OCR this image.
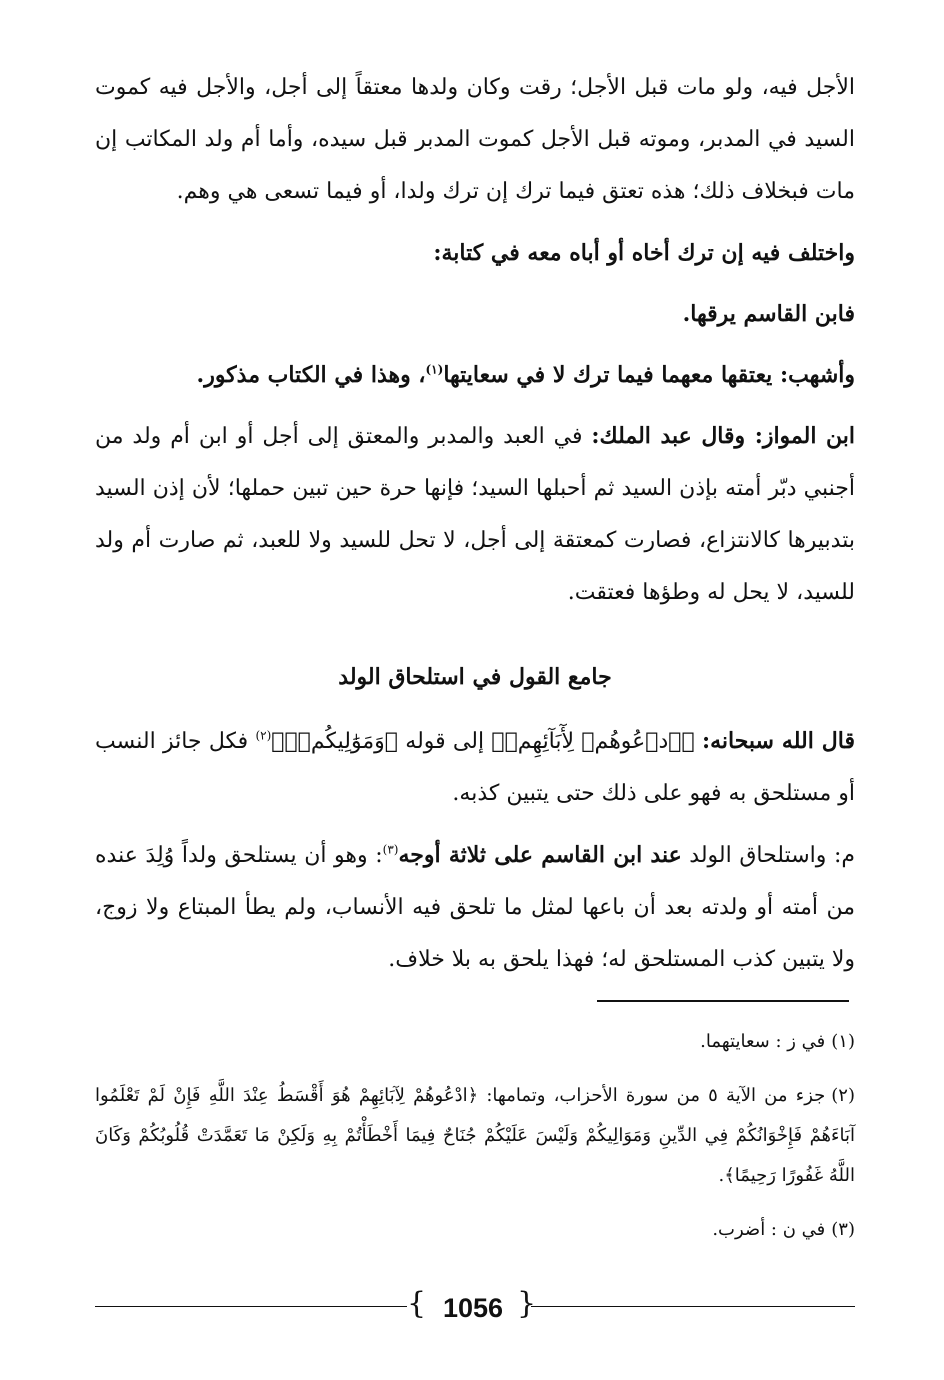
الأجل فيه، ولو مات قبل الأجل؛ رقت وكان ولدها معتقاً إلى أجل، والأجل فيه كموت السيد في المدبر، وموته قبل الأجل كموت المدبر قبل سيده، وأما أم ولد المكاتب إن مات فبخلاف ذلك؛ هذه تعتق فيما ترك إن ترك ولدا، أو فيما تسعى هي وهم.

واختلف فيه إن ترك أخاه أو أباه معه في كتابة:

فابن القاسم يرقها.

وأشهب: يعتقها معهما فيما ترك لا في سعايتها$^{(١)}$، وهذا في الكتاب مذكور.

ابن المواز: وقال عبد الملك: في العبد والمدبر والمعتق إلى أجل أو ابن أم ولد من أجنبي دبّر أمته بإذن السيد ثم أحبلها السيد؛ فإنها حرة حين تبين حملها؛ لأن إذن السيد بتدبيرها كالانتزاع، فصارت كمعتقة إلى أجل، لا تحل للسيد ولا للعبد، ثم صارت أم ولد للسيد، لا يحل له وطؤها فعتقت.

جامع القول في استلحاق الولد

قال الله سبحانه: ﴿ٱدۡعُوهُمۡ لِأٓبَآئِهِمۡ﴾ إلى قوله ﴿وَمَوَٰلِيكُمۡۚ﴾$^{(٢)}$ فكل جائز النسب أو مستلحق به فهو على ذلك حتى يتبين كذبه.

م: واستلحاق الولد عند ابن القاسم على ثلاثة أوجه$^{(٣)}$: وهو أن يستلحق ولداً وُلِدَ عنده من أمته أو ولدته بعد أن باعها لمثل ما تلحق فيه الأنساب، ولم يطأ المبتاع ولا زوج، ولا يتبين كذب المستلحق له؛ فهذا يلحق به بلا خلاف.

(١)في ز : سعايتهما.

(٢)جزء من الآية ٥ من سورة الأحزاب، وتمامها: ﴿ادْعُوهُمْ لِآبَائِهِمْ هُوَ أَقْسَطُ عِنْدَ اللَّهِ فَإِنْ لَمْ تَعْلَمُوا آبَاءَهُمْ فَإِخْوَانُكُمْ فِي الدِّينِ وَمَوَالِيكُمْ وَلَيْسَ عَلَيْكُمْ جُنَاحٌ فِيمَا أَخْطَأْتُمْ بِهِ وَلَكِنْ مَا تَعَمَّدَتْ قُلُوبُكُمْ وَكَانَ اللَّهُ غَفُورًا رَحِيمًا﴾.

(٣)في ن : أضرب.

{ 1056 }
